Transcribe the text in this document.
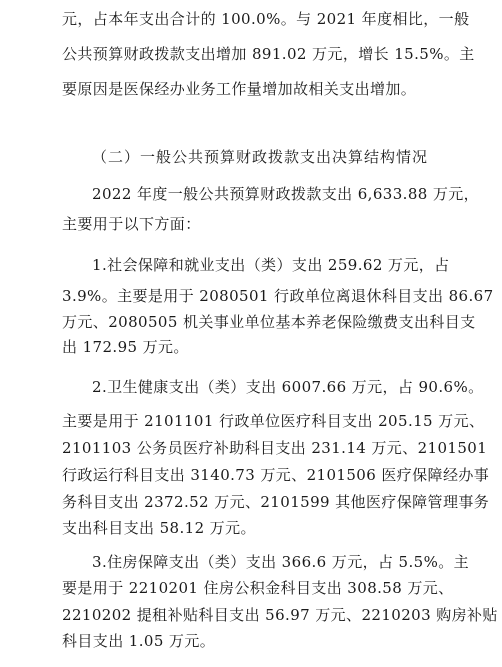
元，占本年支出合计的 100.0%。与 2021 年度相比，一般
公共预算财政拨款支出增加 891.02 万元，增长 15.5%。主
要原因是医保经办业务工作量增加故相关支出增加。
（二）一般公共预算财政拨款支出决算结构情况
2022 年度一般公共预算财政拨款支出 6,633.88 万元，
主要用于以下方面：
1.社会保障和就业支出（类）支出 259.62 万元，占
3.9%。主要是用于 2080501 行政单位离退休科目支出 86.67
万元、2080505 机关事业单位基本养老保险缴费支出科目支
出 172.95 万元。
2.卫生健康支出（类）支出 6007.66 万元，占 90.6%。
主要是用于 2101101 行政单位医疗科目支出 205.15 万元、
2101103 公务员医疗补助科目支出 231.14 万元、2101501
行政运行科目支出 3140.73 万元、2101506 医疗保障经办事
务科目支出 2372.52 万元、2101599 其他医疗保障管理事务
支出科目支出 58.12 万元。
3.住房保障支出（类）支出 366.6 万元，占 5.5%。主
要是用于 2210201 住房公积金科目支出 308.58 万元、
2210202 提租补贴科目支出 56.97 万元、2210203 购房补贴
科目支出 1.05 万元。
